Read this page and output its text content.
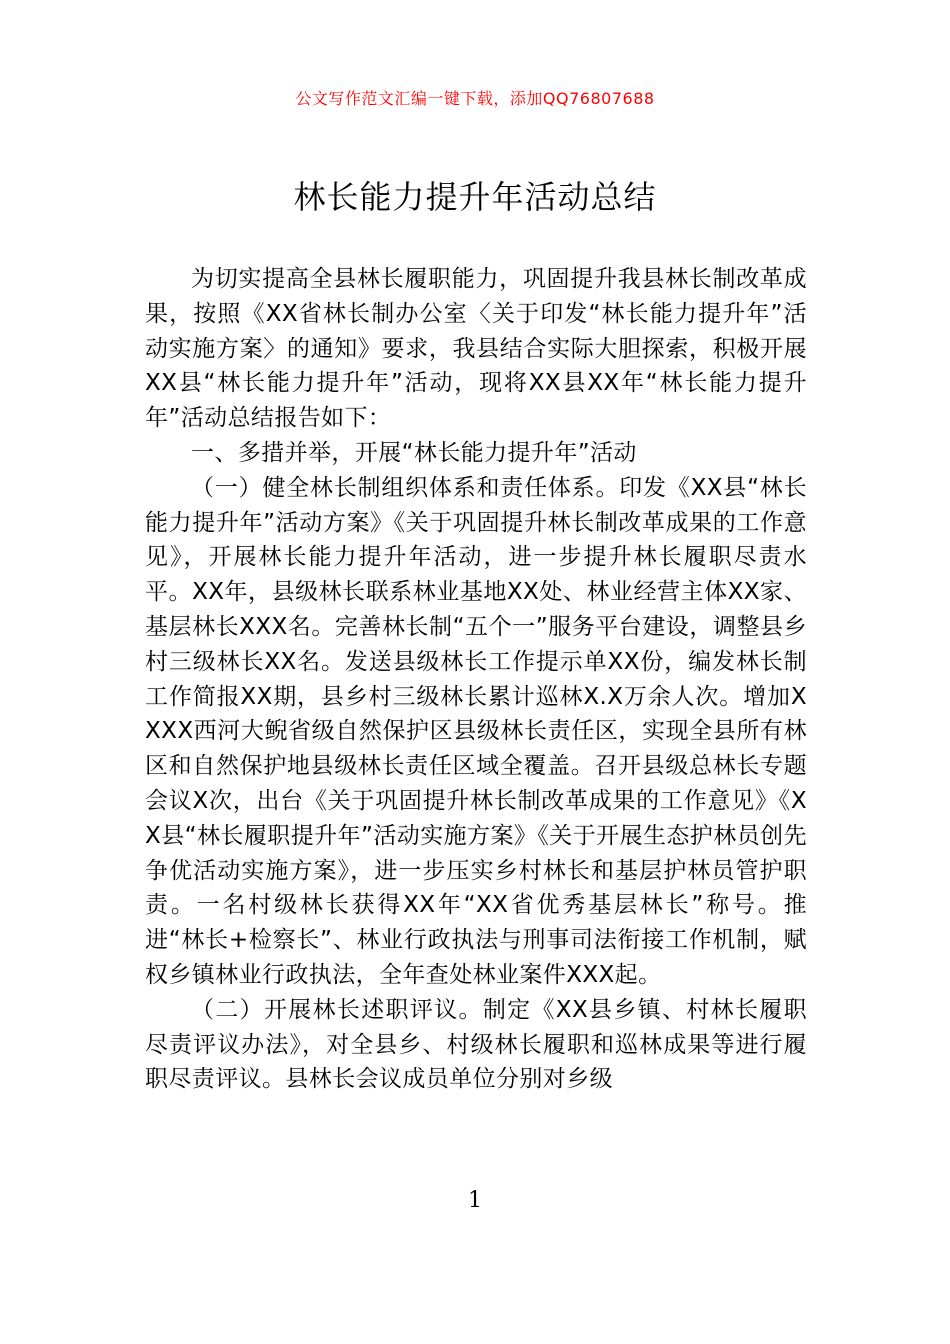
公文写作范文汇编一键下载，添加QQ76807688
林长能力提升年活动总结

为切实提高全县林长履职能力，巩固提升我县林长制改革成果，按照《XX省林长制办公室〈关于印发“林长能力提升年”活动实施方案〉的通知》要求，我县结合实际大胆探索，积极开展XX县“林长能力提升年”活动，现将XX县XX年“林长能力提升年”活动总结报告如下：

一、多措并举，开展“林长能力提升年”活动

（一）健全林长制组织体系和责任体系。印发《XX县“林长能力提升年”活动方案》《关于巩固提升林长制改革成果的工作意见》，开展林长能力提升年活动，进一步提升林长履职尽责水平。XX年，县级林长联系林业基地XX处、林业经营主体XX家、基层林长XXX名。完善林长制“五个一”服务平台建设，调整县乡村三级林长XX名。发送县级林长工作提示单XX份，编发林长制工作简报XX期，县乡村三级林长累计巡林X.X万余人次。增加XXXX西河大鲵省级自然保护区县级林长责任区，实现全县所有林区和自然保护地县级林长责任区域全覆盖。召开县级总林长专题会议X次，出台《关于巩固提升林长制改革成果的工作意见》《XX县“林长履职提升年”活动实施方案》《关于开展生态护林员创先争优活动实施方案》，进一步压实乡村林长和基层护林员管护职责。一名村级林长获得XX年“XX省优秀基层林长”称号。推进“林长+检察长”、林业行政执法与刑事司法衔接工作机制，赋权乡镇林业行政执法，全年查处林业案件XXX起。

（二）开展林长述职评议。制定《XX县乡镇、村林长履职尽责评议办法》，对全县乡、村级林长履职和巡林成果等进行履职尽责评议。县林长会议成员单位分别对乡级

1
